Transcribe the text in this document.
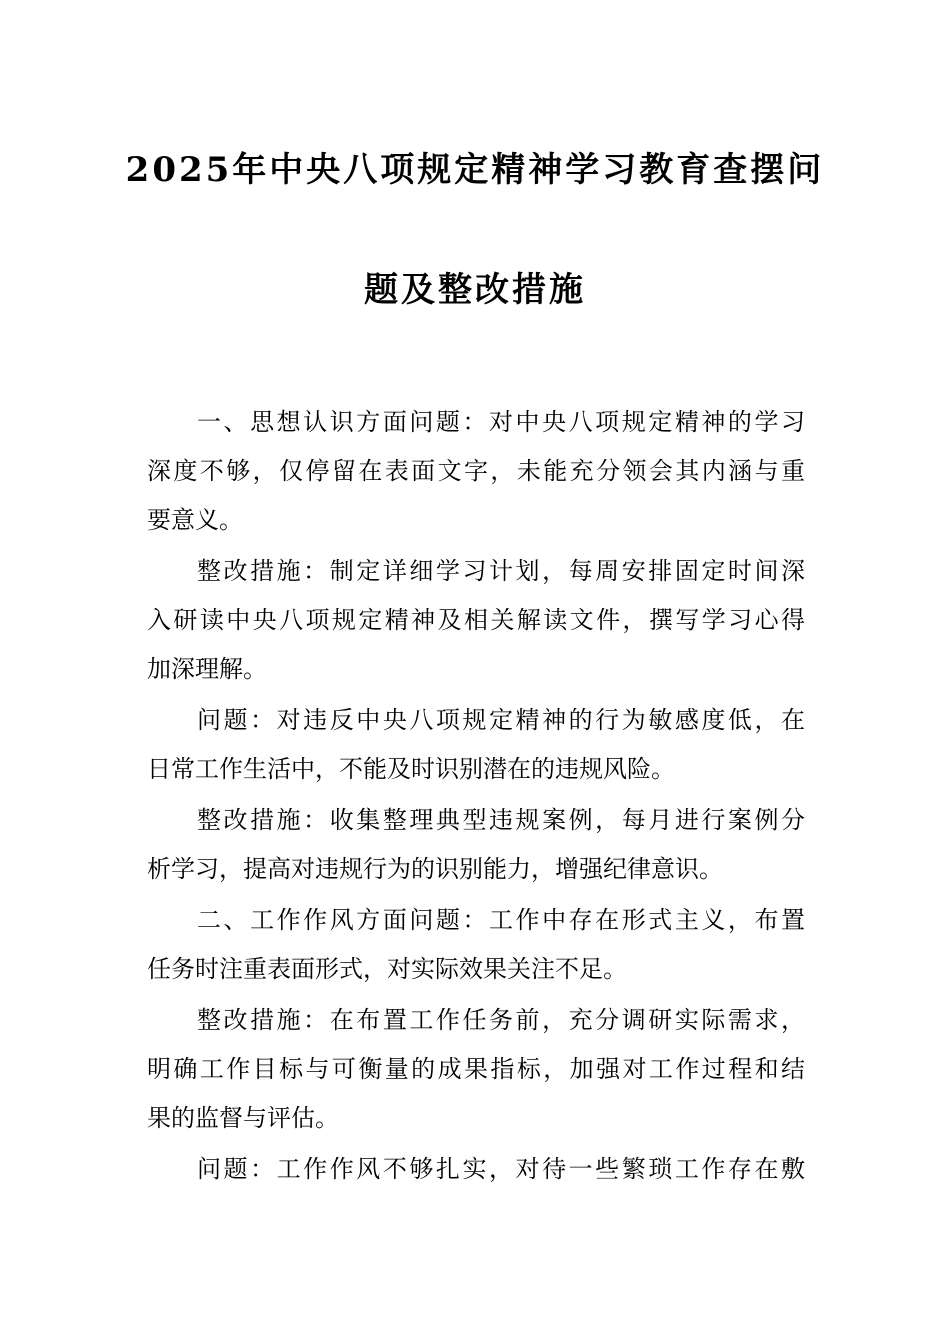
2025年中央八项规定精神学习教育查摆问
题及整改措施
一、思想认识方面问题：对中央八项规定精神的学习
深度不够，仅停留在表面文字，未能充分领会其内涵与重
要意义。
整改措施：制定详细学习计划，每周安排固定时间深
入研读中央八项规定精神及相关解读文件，撰写学习心得
加深理解。
问题：对违反中央八项规定精神的行为敏感度低，在
日常工作生活中，不能及时识别潜在的违规风险。
整改措施：收集整理典型违规案例，每月进行案例分
析学习，提高对违规行为的识别能力，增强纪律意识。
二、工作作风方面问题：工作中存在形式主义，布置
任务时注重表面形式，对实际效果关注不足。
整改措施：在布置工作任务前，充分调研实际需求，
明确工作目标与可衡量的成果指标，加强对工作过程和结
果的监督与评估。
问题：工作作风不够扎实，对待一些繁琐工作存在敷
